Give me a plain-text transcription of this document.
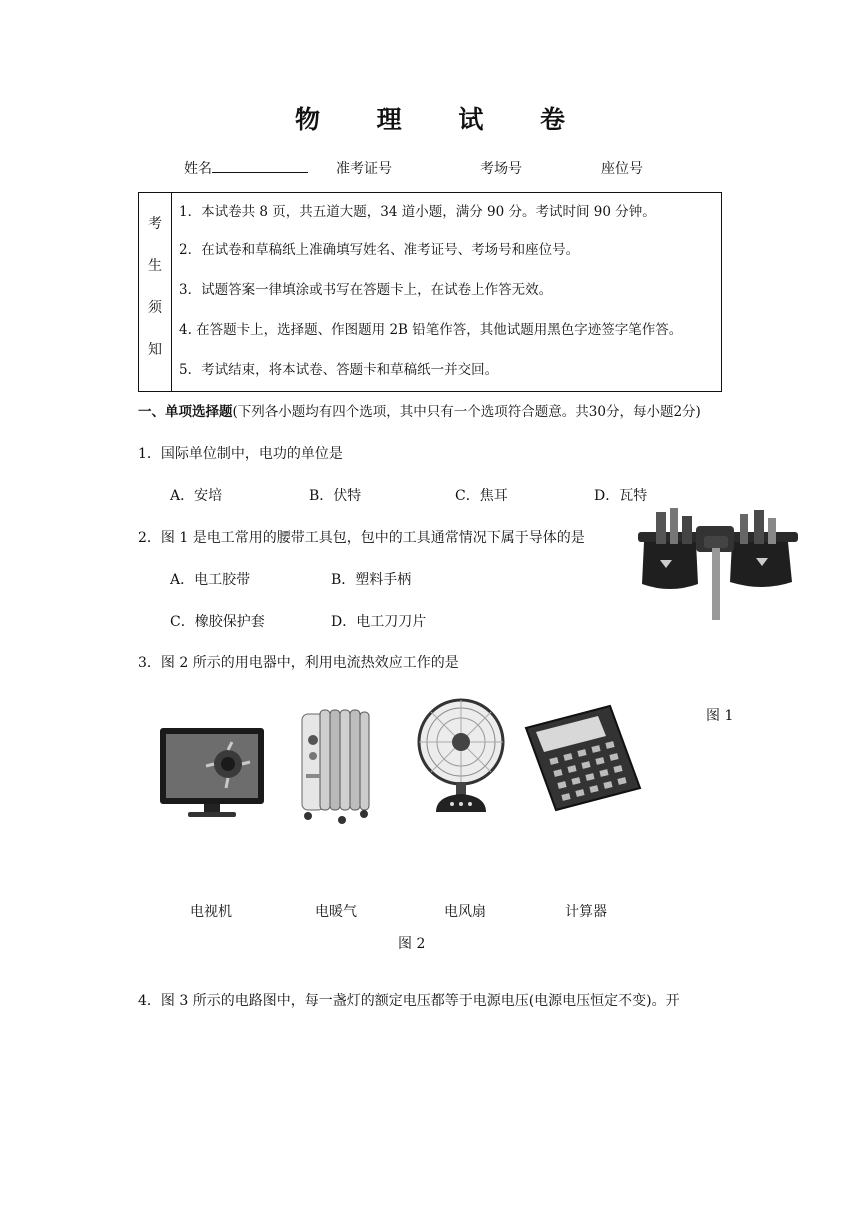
物 理 试 卷
姓名	准考证号	考场号	座位号
考
生
须
知
1．本试卷共 8 页，共五道大题，34 道小题，满分 90 分。考试时间 90 分钟。
2．在试卷和草稿纸上准确填写姓名、准考证号、考场号和座位号。
3．试题答案一律填涂或书写在答题卡上，在试卷上作答无效。
4. 在答题卡上，选择题、作图题用 2B 铅笔作答，其他试题用黑色字迹签字笔作答。
5．考试结束，将本试卷、答题卡和草稿纸一并交回。
一、单项选择题(下列各小题均有四个选项，其中只有一个选项符合题意。共30分，每小题2分)
1．国际单位制中，电功的单位是
A．安培	B．伏特	C．焦耳	D．瓦特
2．图 1 是电工常用的腰带工具包，包中的工具通常情况下属于导体的是
A．电工胶带	B．塑料手柄
C．橡胶保护套	D．电工刀刀片
图 1
3．图 2 所示的用电器中，利用电流热效应工作的是
电视机	电暖气	电风扇	计算器
图 2
4．图 3 所示的电路图中，每一盏灯的额定电压都等于电源电压(电源电压恒定不变)。开
